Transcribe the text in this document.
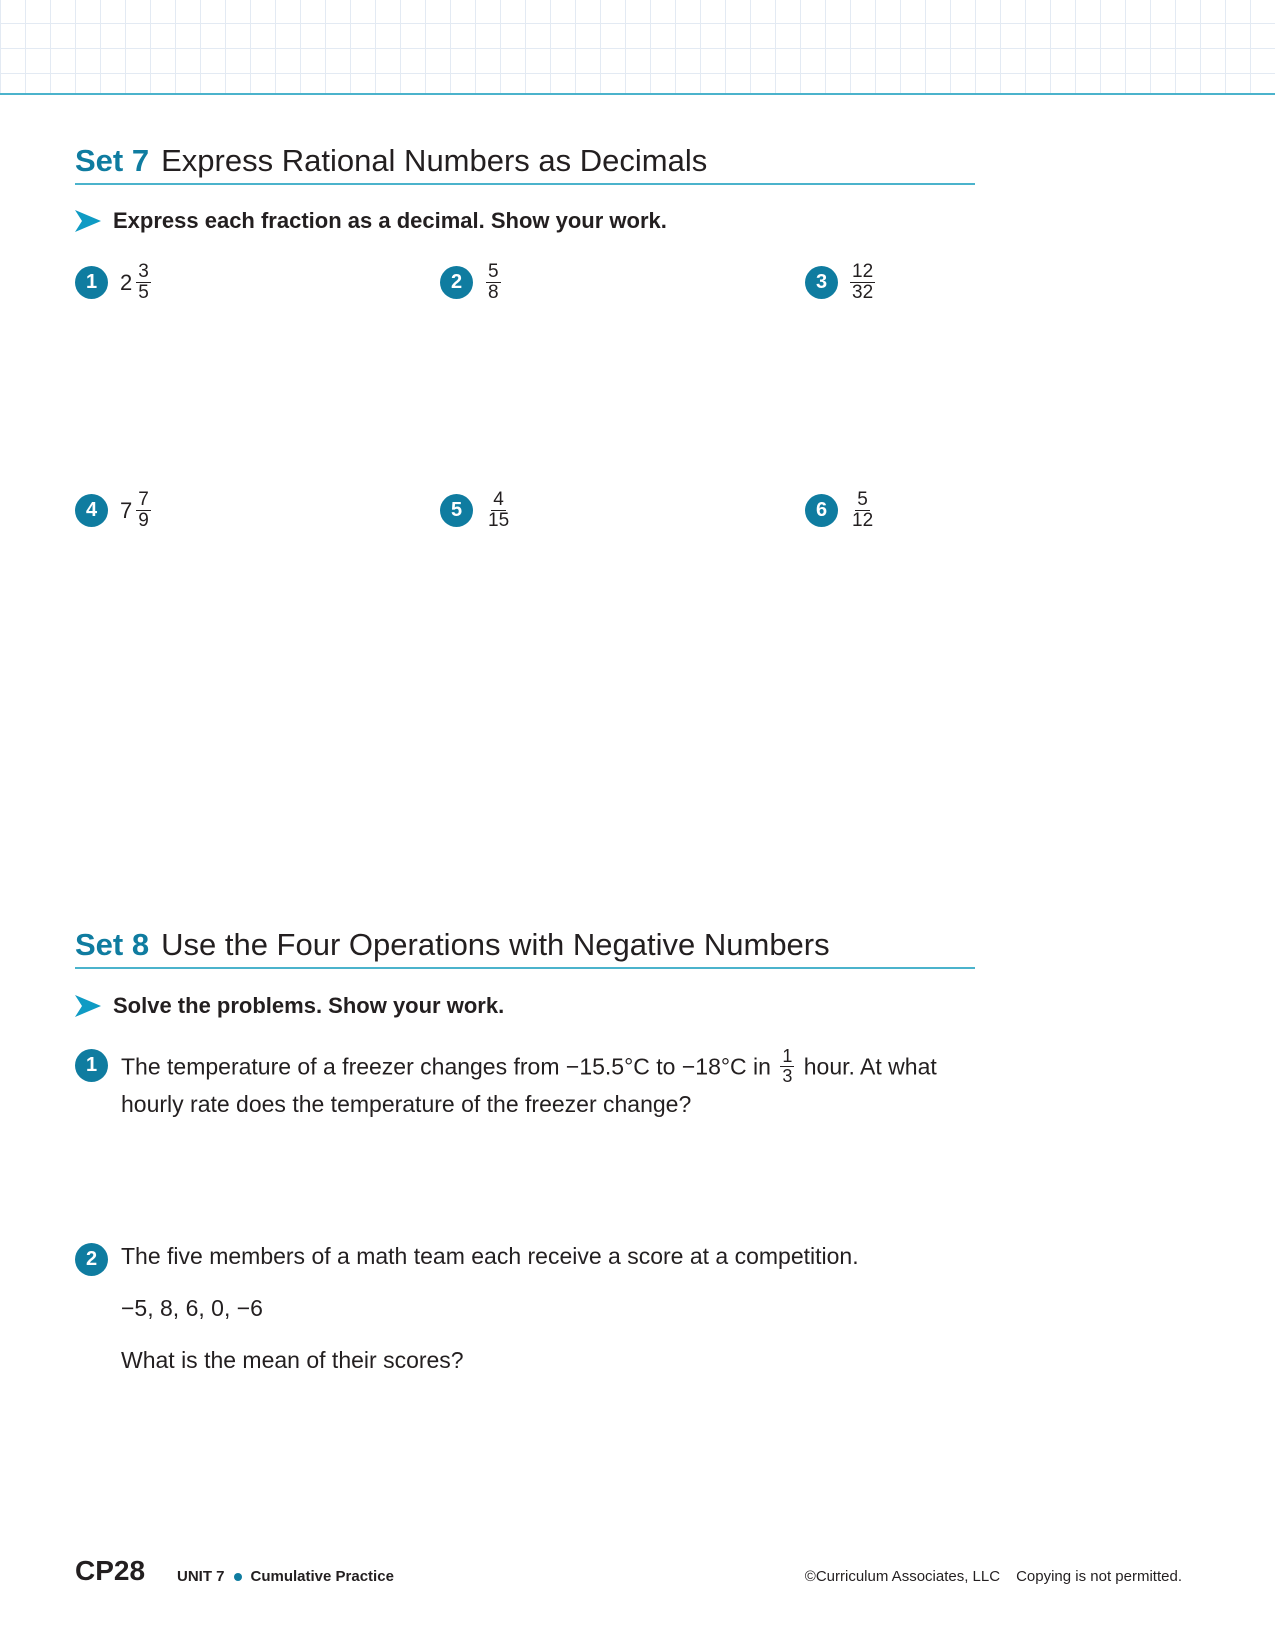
Set 7 Express Rational Numbers as Decimals
Express each fraction as a decimal. Show your work.
1	$2 \frac{3}{5}$	2	$\frac{5}{8}$	3	$\frac{12}{32}$
4	$7 \frac{7}{9}$	5	$\frac{4}{15}$	6	$\frac{5}{12}$
Set 8 Use the Four Operations with Negative Numbers
Solve the problems. Show your work.
1	The temperature of a freezer changes from −15.5°C to −18°C in $\frac{1}{3}$ hour. At what
hourly rate does the temperature of the freezer change?
2	The five members of a math team each receive a score at a competition.
−5, 8, 6, 0, −6
What is the mean of their scores?
CP28 UNIT 7 Cumulative Practice	©Curriculum Associates, LLC Copying is not permitted.
